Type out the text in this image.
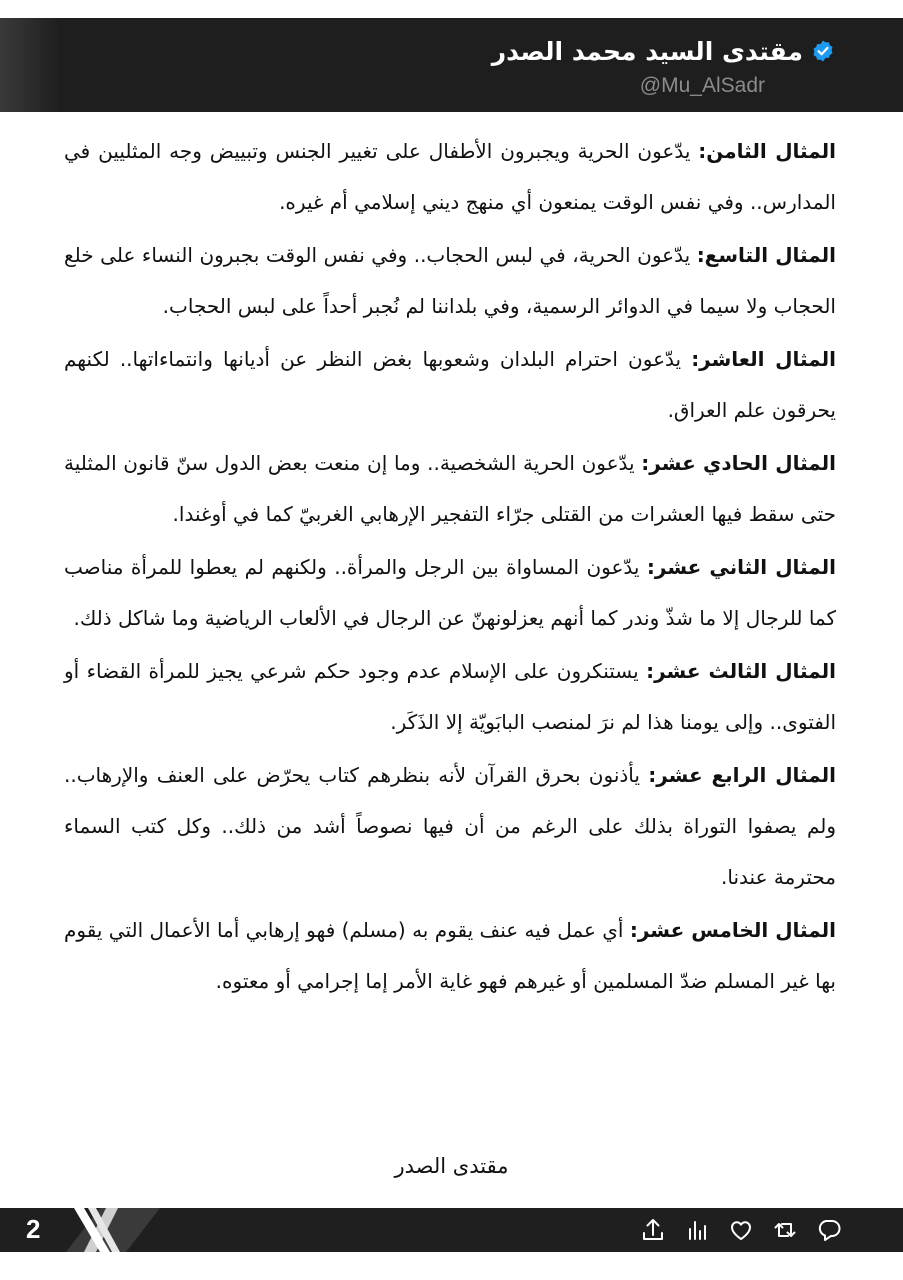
مقتدى السيد محمد الصدر
@Mu_AlSadr

المثال الثامن: يدّعون الحرية ويجبرون الأطفال على تغيير الجنس وتبييض وجه المثليين في المدارس.. وفي نفس الوقت يمنعون أي منهج ديني إسلامي أم غيره.

المثال التاسع: يدّعون الحرية، في لبس الحجاب.. وفي نفس الوقت بجبرون النساء على خلع الحجاب ولا سيما في الدوائر الرسمية، وفي بلداننا لم نُجبر أحداً على لبس الحجاب.

المثال العاشر: يدّعون احترام البلدان وشعوبها بغض النظر عن أديانها وانتماءاتها.. لكنهم يحرقون علم العراق.

المثال الحادي عشر: يدّعون الحرية الشخصية.. وما إن منعت بعض الدول سنّ قانون المثلية حتى سقط فيها العشرات من القتلى جرّاء التفجير الإرهابي الغربيّ كما في أوغندا.

المثال الثاني عشر: يدّعون المساواة بين الرجل والمرأة.. ولكنهم لم يعطوا للمرأة مناصب كما للرجال إلا ما شذّ وندر كما أنهم يعزلونهنّ عن الرجال في الألعاب الرياضية وما شاكل ذلك.

المثال الثالث عشر: يستنكرون على الإسلام عدم وجود حكم شرعي يجيز للمرأة القضاء أو الفتوى.. وإلى يومنا هذا لم نرَ لمنصب البابَويّة إلا الذَكَر.

المثال الرابع عشر: يأذنون بحرق القرآن لأنه بنظرهم كتاب يحرّض على العنف والإرهاب.. ولم يصفوا التوراة بذلك على الرغم من أن فيها نصوصاً أشد من ذلك.. وكل كتب السماء محترمة عندنا.

المثال الخامس عشر: أي عمل فيه عنف يقوم به (مسلم) فهو إرهابي أما الأعمال التي يقوم بها غير المسلم ضدّ المسلمين أو غيرهم فهو غاية الأمر إما إجرامي أو معتوه.

مقتدى الصدر
2
